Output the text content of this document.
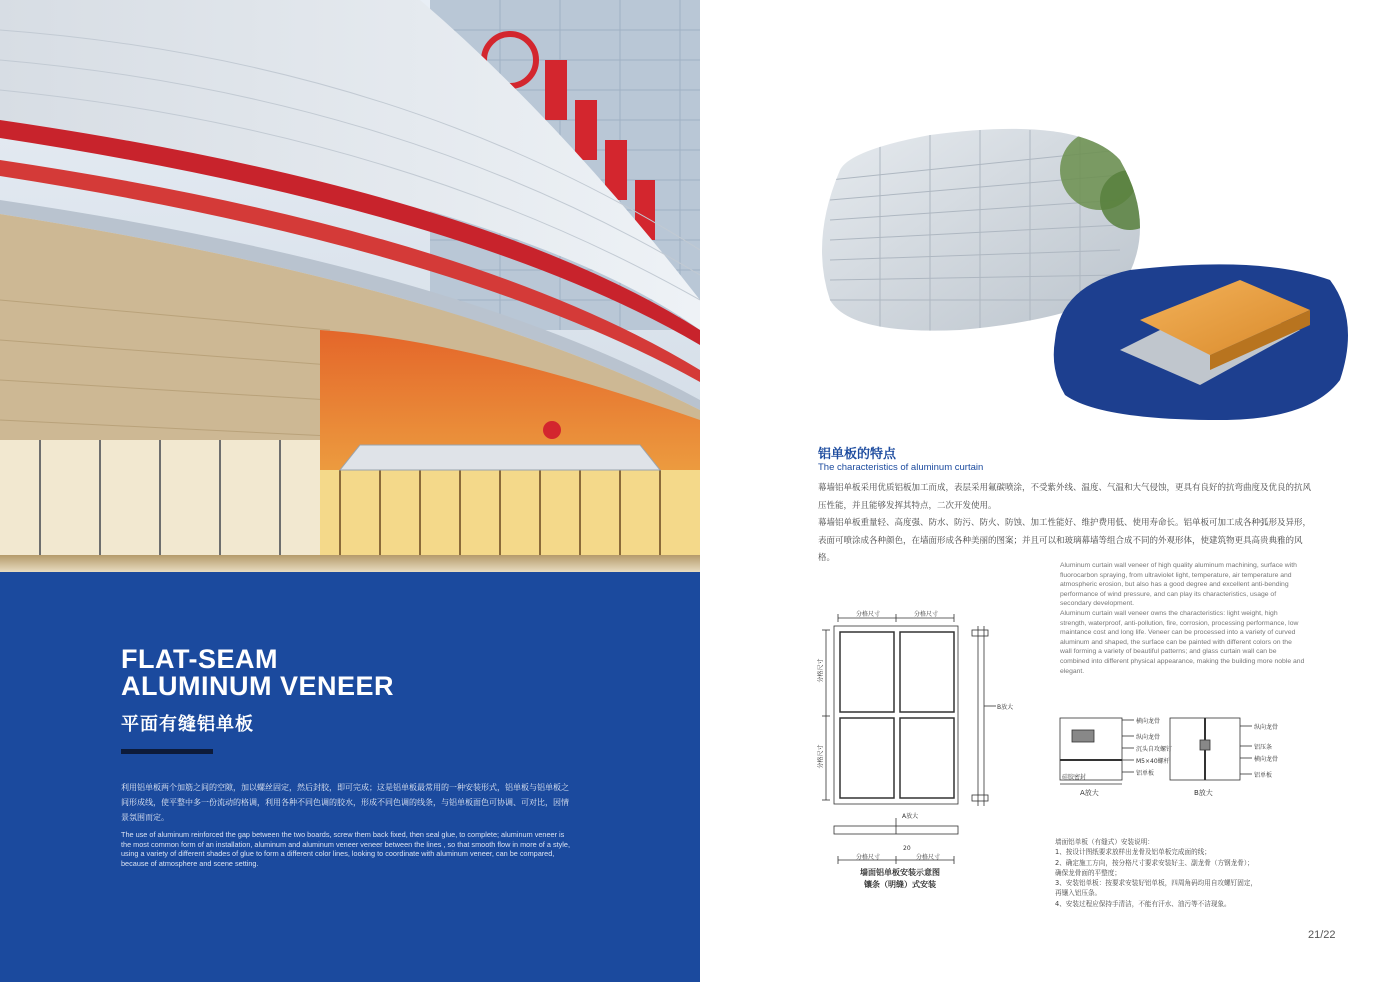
FLAT-SEAM
ALUMINUM VENEER
平面有缝铝单板
利用铝单板两个加筋之间的空隙，加以螺丝固定，然后封胶，即可完成；这是铝单板最常用的一种安装形式，铝单板与铝单板之间形成线，使平整中多一份流动的格调，利用各种不同色调的胶水，形成不同色调的线条，与铝单板面色可协调、可对比，因情景氛围而定。
The use of aluminum reinforced the gap between the two boards, screw them back fixed, then seal glue, to complete; aluminum veneer is the most common form of an installation, aluminum and aluminum veneer veneer between the lines , so that smooth flow in more of a style, using a variety of different shades of glue to form a different color lines, looking to coordinate with aluminum veneer, can be compared, because of atmosphere and scene setting.
铝单板的特点
The characteristics of aluminum curtain

幕墙铝单板采用优质铝板加工而成，表层采用氟碳喷涂，不受紫外线、温度、气温和大气侵蚀，更具有良好的抗弯曲度及优良的抗风压性能，并且能够发挥其特点，二次开发使用。

幕墙铝单板重量轻、高度强、防水、防污、防火、防蚀、加工性能好、维护费用低、使用寿命长。铝单板可加工成各种弧形及异形，表面可喷涂成各种颜色，在墙面形成各种美丽的图案；并且可以和玻璃幕墙等组合成不同的外观形体，使建筑物更具高贵典雅的风格。

Aluminum curtain wall veneer of high quality aluminum machining, surface with fluorocarbon spraying, from ultraviolet light, temperature, air temperature and atmospheric erosion, but also has a good degree and excellent anti-bending performance of wind pressure, and can play its characteristics, usage of secondary development.

Aluminum curtain wall veneer owns the characteristics: light weight, high strength, waterproof, anti-pollution, fire, corrosion, processing performance, low maintance cost and long life. Veneer can be processed into a variety of curved aluminum and shaped, the surface can be painted with different colors on the wall forming a variety of beautiful patterns; and glass curtain wall can be combined into different physical appearance, making the building more noble and elegant.

分格尺寸	分格尺寸
分格尺寸
分格尺寸
B放大
A放大
分格尺寸
20
分格尺寸
横向龙骨
纵向龙骨
沉头自攻螺钉
M5×40螺杆
铝单板
硅胶密封
A放大
纵向龙骨
铝压条
横向龙骨
铝单板
B放大
墙面铝单板安装示意图
镶条（明缝）式安装
墙面铝单板（有缝式）安装说明：
1、按设计图纸要求放样出龙骨及铝单板完成面的线；
2、确定施工方向，按分格尺寸要求安装好主、副龙骨（方钢龙骨）；
确保龙骨面的平整度；
3、安装铝单板：按要求安装好铝单板，四周角码均用自攻螺钉固定，
再镶入铝压条。
4、安装过程应保持手清洁，不能有汗水、油污等不洁现象。
21/22
